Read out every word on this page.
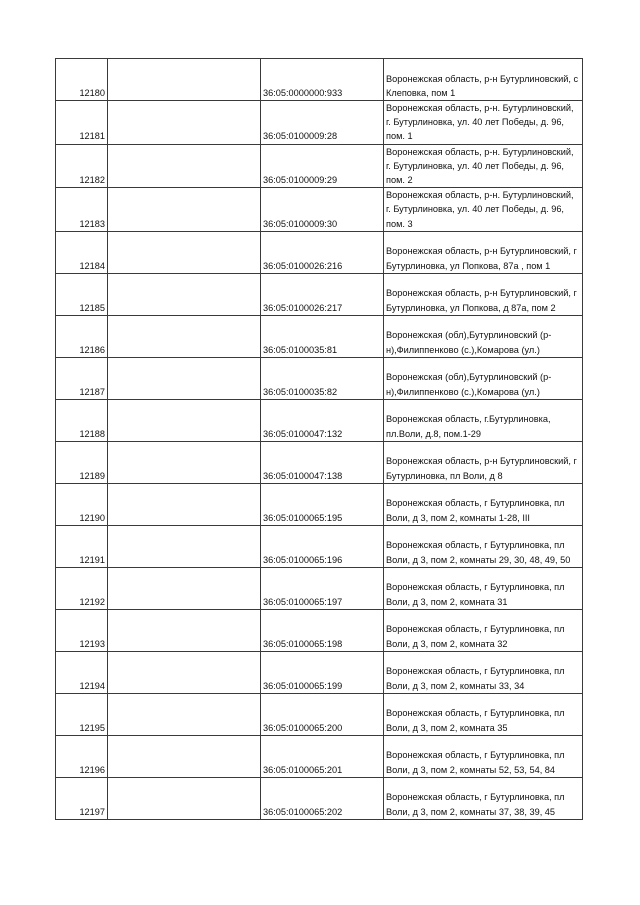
12180		36:05:0000000:933	Воронежская область, р-н Бутурлиновский, с Клеповка, пом 1
12181		36:05:0100009:28	Воронежская область, р-н. Бутурлиновский, г. Бутурлиновка, ул. 40 лет Победы, д. 96, пом. 1
12182		36:05:0100009:29	Воронежская область, р-н. Бутурлиновский, г. Бутурлиновка, ул. 40 лет Победы, д. 96, пом. 2
12183		36:05:0100009:30	Воронежская область, р-н. Бутурлиновский, г. Бутурлиновка, ул. 40 лет Победы, д. 96, пом. 3
12184		36:05:0100026:216	Воронежская область, р-н Бутурлиновский, г Бутурлиновка, ул Попкова, 87а , пом 1
12185		36:05:0100026:217	Воронежская область, р-н Бутурлиновский, г Бутурлиновка, ул Попкова, д 87а, пом 2
12186		36:05:0100035:81	Воронежская (обл),Бутурлиновский (р-н),Филиппенково (с.),Комарова (ул.)
12187		36:05:0100035:82	Воронежская (обл),Бутурлиновский (р-н),Филиппенково (с.),Комарова (ул.)
12188		36:05:0100047:132	Воронежская область, г.Бутурлиновка, пл.Воли, д.8, пом.1-29
12189		36:05:0100047:138	Воронежская область, р-н Бутурлиновский, г Бутурлиновка, пл Воли, д 8
12190		36:05:0100065:195	Воронежская область, г Бутурлиновка, пл Воли, д 3, пом 2, комнаты 1-28, III
12191		36:05:0100065:196	Воронежская область, г Бутурлиновка, пл Воли, д 3, пом 2, комнаты 29, 30, 48, 49, 50
12192		36:05:0100065:197	Воронежская область, г Бутурлиновка, пл Воли, д 3, пом 2, комната 31
12193		36:05:0100065:198	Воронежская область, г Бутурлиновка, пл Воли, д 3, пом 2, комната 32
12194		36:05:0100065:199	Воронежская область, г Бутурлиновка, пл Воли, д 3, пом 2, комнаты 33, 34
12195		36:05:0100065:200	Воронежская область, г Бутурлиновка, пл Воли, д 3, пом 2, комната 35
12196		36:05:0100065:201	Воронежская область, г Бутурлиновка, пл Воли, д 3, пом 2, комнаты 52, 53, 54, 84
12197		36:05:0100065:202	Воронежская область, г Бутурлиновка, пл Воли, д 3, пом 2, комнаты 37, 38, 39, 45
